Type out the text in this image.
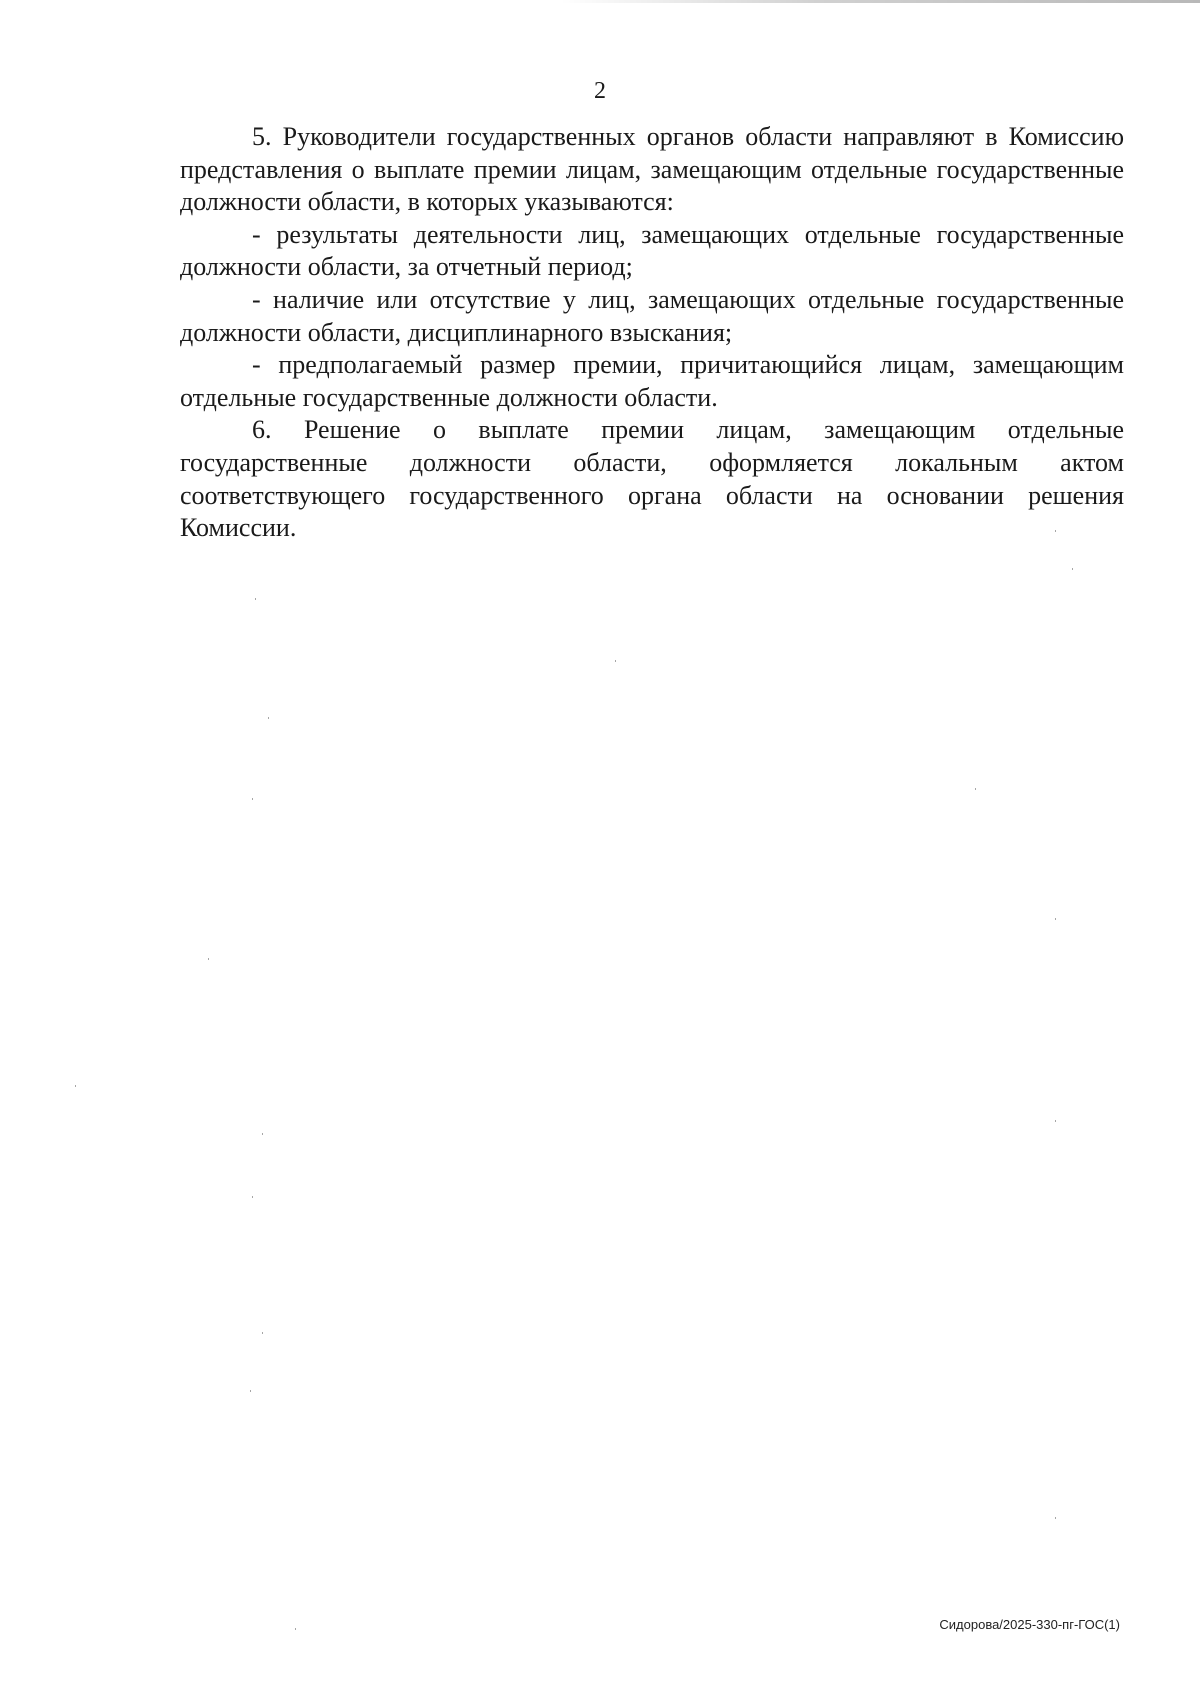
2

5. Руководители государственных органов области направляют в Комиссию представления о выплате премии лицам, замещающим отдельные государственные должности области, в которых указываются:

- результаты деятельности лиц, замещающих отдельные государственные должности области, за отчетный период;

- наличие или отсутствие у лиц, замещающих отдельные государственные должности области, дисциплинарного взыскания;

- предполагаемый размер премии, причитающийся лицам, замещающим отдельные государственные должности области.

6. Решение о выплате премии лицам, замещающим отдельные государственные должности области, оформляется локальным актом соответствующего государственного органа области на основании решения Комиссии.

Сидорова/2025-330-пг-ГОС(1)
